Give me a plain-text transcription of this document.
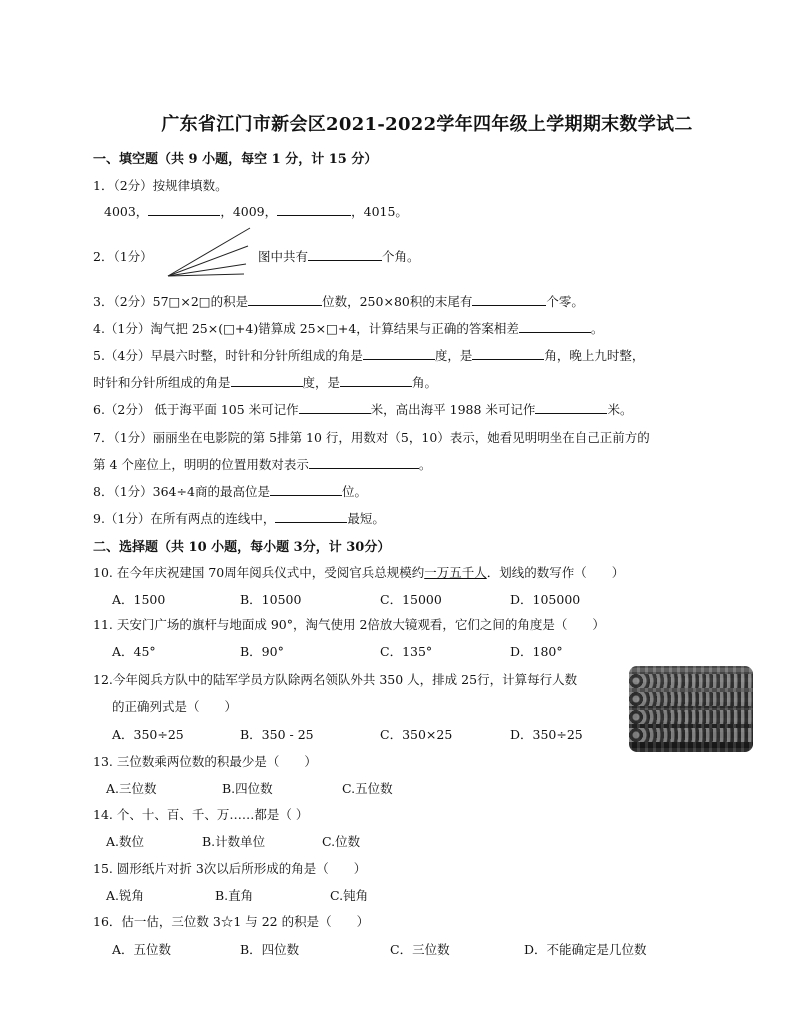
广东省江门市新会区2021-2022学年四年级上学期期末数学试二
一、填空题（共 9 小题，每空 1 分，计 15 分）
1．（2分）按规律填数。
4003，	，4009，	，4015。
2．（1分）	图中共有	个角。
3．（2分）57□×2□的积是	位数，250×80积的末尾有	个零。
4.（1分）淘气把 25×(□+4)错算成 25×□+4，计算结果与正确的答案相差	。
5.（4分）早晨六时整，时针和分针所组成的角是	度，是	角，晚上九时整，
时针和分针所组成的角是	度，是	角。
6.（2分） 低于海平面 105 米可记作	米，高出海平 1988 米可记作	米。
7．（1分）丽丽坐在电影院的第 5排第 10 行，用数对（5，10）表示，她看见明明坐在自己正前方的
第 4 个座位上，明明的位置用数对表示	。
8．（1分）364÷4商的最高位是	位。
9.（1分）在所有两点的连线中，	最短。
二、选择题（共 10 小题，每小题 3分，计 30分）
10. 在今年庆祝建国 70周年阅兵仪式中，受阅官兵总规模约一万五千人．划线的数写作（　　）
A．1500	B．10500	C．15000	D．105000
11. 天安门广场的旗杆与地面成 90°，淘气使用 2倍放大镜观看，它们之间的角度是（　　）
A．45°	B．90°	C．135°	D．180°
12.今年阅兵方队中的陆军学员方队除两名领队外共 350 人，排成 25行，计算每行人数
的正确列式是（　　）
A．350÷25	B．350 - 25	C．350×25	D．350÷25
13. 三位数乘两位数的积最少是（　　）
A.三位数	B.四位数	C.五位数
14. 个、十、百、千、万……都是（ ）
A.数位	B.计数单位	C.位数
15. 圆形纸片对折 3次以后所形成的角是（　　）
A.锐角	B.直角	C.钝角
16．估一估，三位数 3☆1 与 22 的积是（　　）
A．五位数	B．四位数	C．三位数	D．不能确定是几位数
